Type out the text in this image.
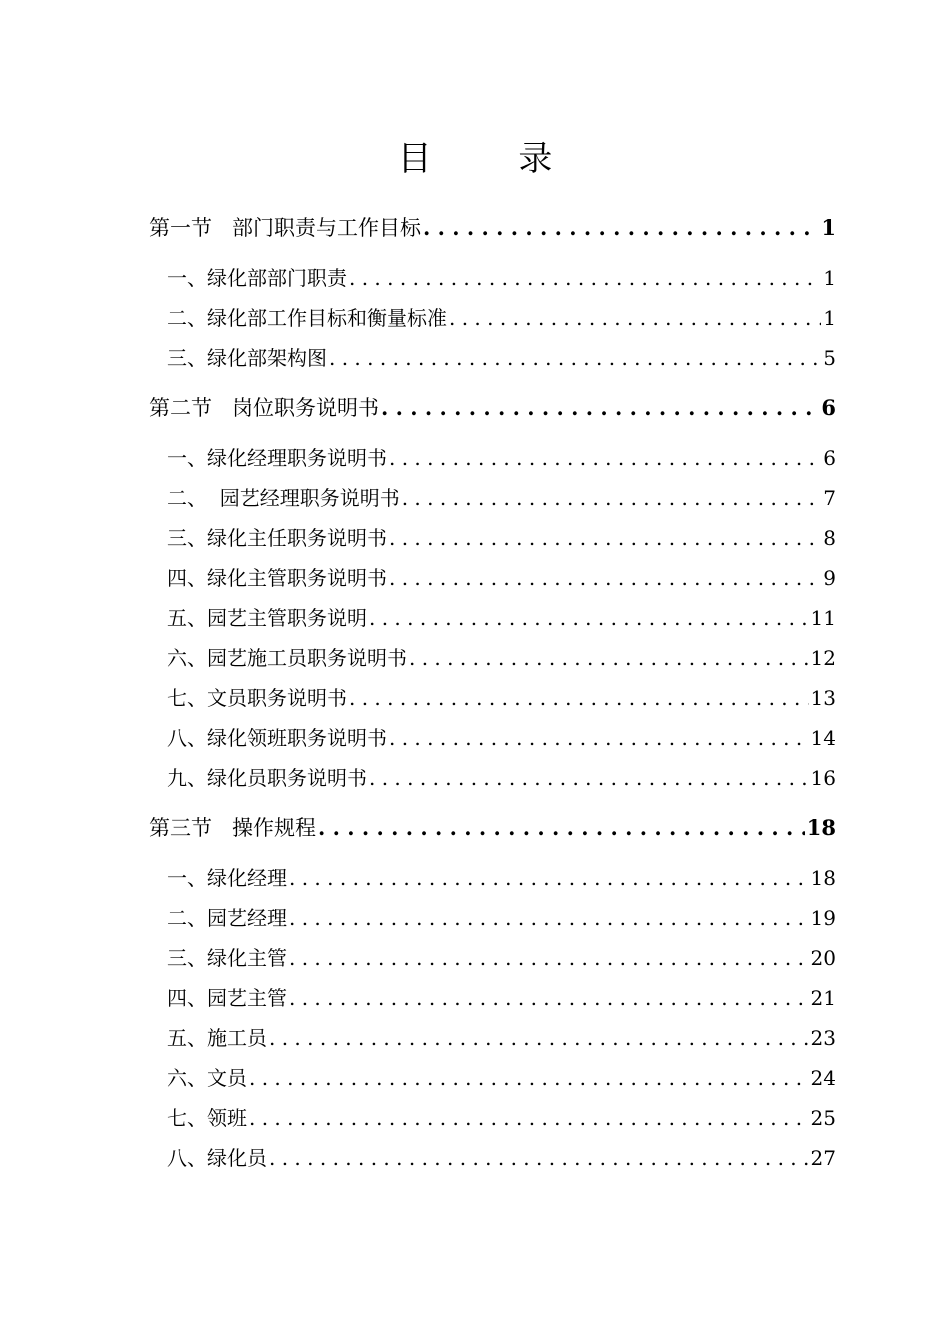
目 录
第一节   部门职责与工作目标 . . .	1
一、绿化部部门职责 . . .	1
二、绿化部工作目标和衡量标准 . . .	1
三、绿化部架构图 . . .	5
第二节   岗位职务说明书 . . .	6
一、绿化经理职务说明书 . . .	6
二、  园艺经理职务说明书 . . .	7
三、绿化主任职务说明书 . . .	8
四、绿化主管职务说明书 . . .	9
五、园艺主管职务说明 . . .	11
六、园艺施工员职务说明书 . . .	12
七、文员职务说明书 . . .	13
八、绿化领班职务说明书 . . .	14
九、绿化员职务说明书 . . .	16
第三节   操作规程 . . .	18
一、绿化经理 . . .	18
二、园艺经理 . . .	19
三、绿化主管 . . .	20
四、园艺主管 . . .	21
五、施工员 . . .	23
六、文员 . . .	24
七、领班 . . .	25
八、绿化员 . . .	27
